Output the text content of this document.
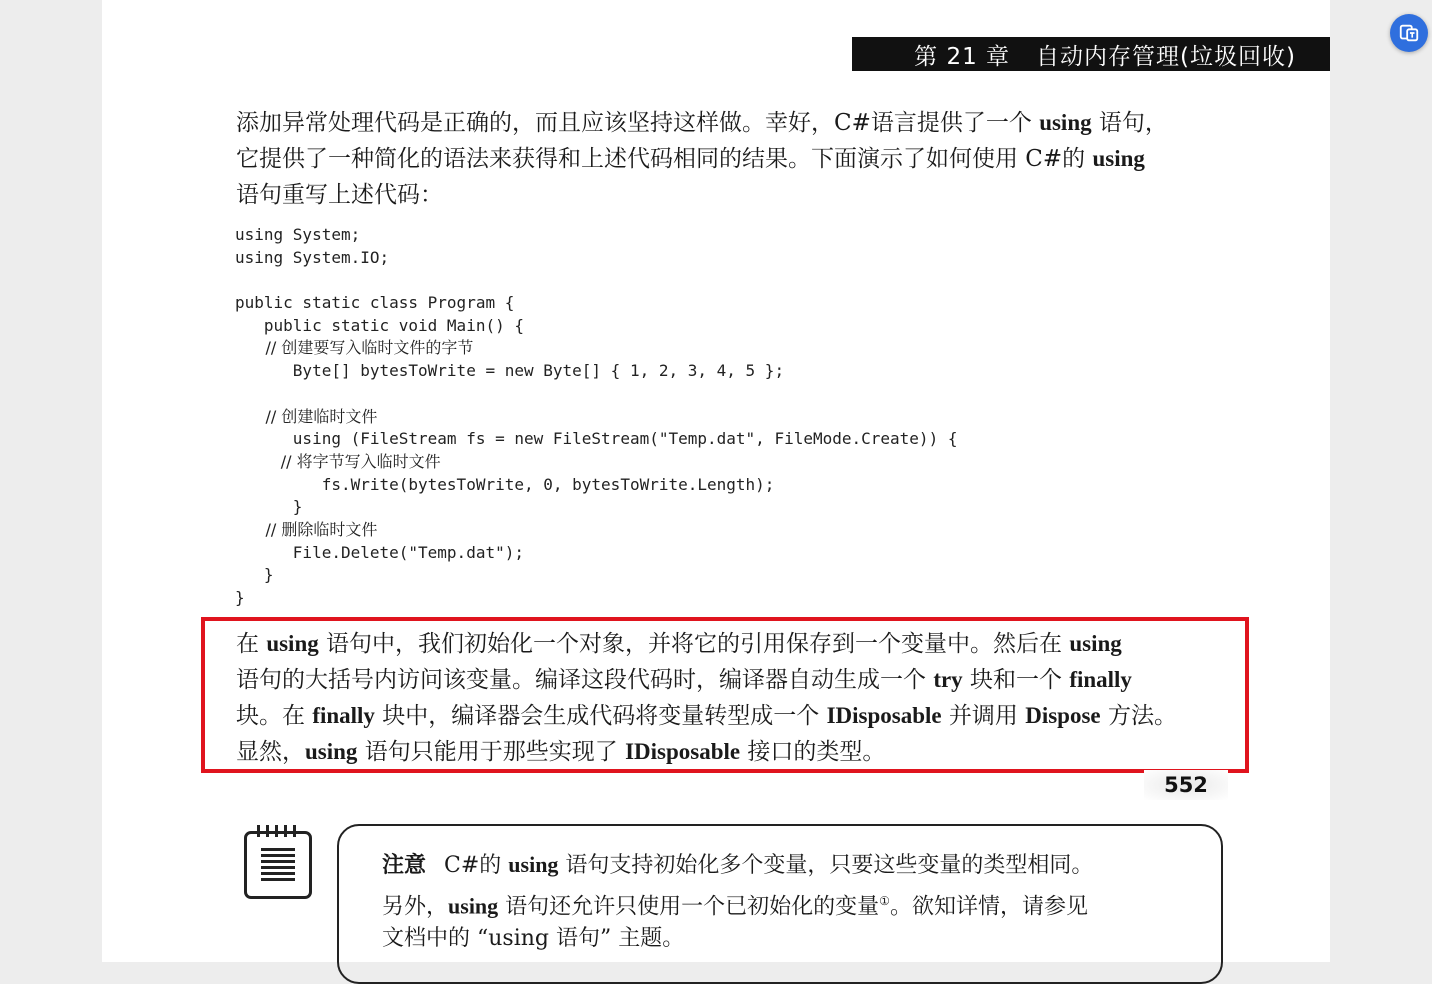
第 21 章 自动内存管理(垃圾回收)
添加异常处理代码是正确的，而且应该坚持这样做。幸好，C#语言提供了一个 using 语句，
它提供了一种简化的语法来获得和上述代码相同的结果。下面演示了如何使用 C#的 using
语句重写上述代码：
using System;
using System.IO;

public static class Program {
public static void Main() {
// 创建要写入临时文件的字节
Byte[] bytesToWrite = new Byte[] { 1, 2, 3, 4, 5 };

// 创建临时文件
using (FileStream fs = new FileStream("Temp.dat", FileMode.Create)) {
// 将字节写入临时文件
fs.Write(bytesToWrite, 0, bytesToWrite.Length);
}
// 删除临时文件
File.Delete("Temp.dat");
}
}
在 using 语句中，我们初始化一个对象，并将它的引用保存到一个变量中。然后在 using
语句的大括号内访问该变量。编译这段代码时，编译器自动生成一个 try 块和一个 finally
块。在 finally 块中，编译器会生成代码将变量转型成一个 IDisposable 并调用 Dispose 方法。
显然，using 语句只能用于那些实现了 IDisposable 接口的类型。
552
注意 C#的 using 语句支持初始化多个变量，只要这些变量的类型相同。
另外，using 语句还允许只使用一个已初始化的变量①。欲知详情，请参见
文档中的 “using 语句” 主题。
